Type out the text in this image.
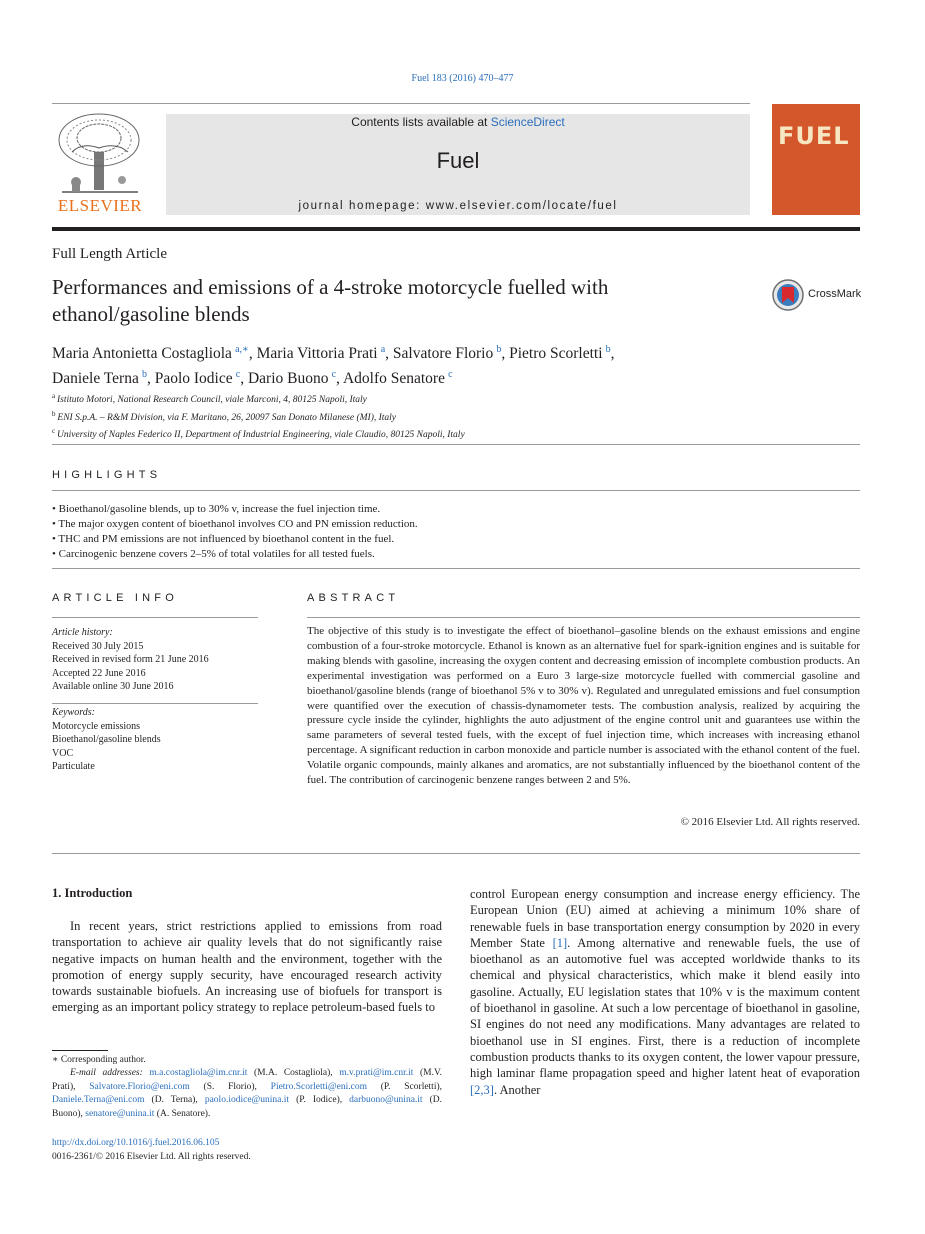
Fuel 183 (2016) 470–477
ELSEVIER
Contents lists available at ScienceDirect
Fuel
journal homepage: www.elsevier.com/locate/fuel
FUEL
Full Length Article
Performances and emissions of a 4-stroke motorcycle fuelled with ethanol/gasoline blends
CrossMark
Maria Antonietta Costagliola  $^{a,∗}$, Maria Vittoria Prati  $^a$, Salvatore Florio  $^b$, Pietro Scorletti  $^b$,
Daniele Terna  $^b$, Paolo Iodice  $^c$, Dario Buono  $^c$, Adolfo Senatore  $^c$
$^a$  Istituto Motori, National Research Council, viale Marconi, 4, 80125 Napoli, Italy
$^b$  ENI S.p.A. – R&M Division, via F. Maritano, 26, 20097 San Donato Milanese (MI), Italy
$^c$  University of Naples Federico II, Department of Industrial Engineering, viale Claudio, 80125 Napoli, Italy
HIGHLIGHTS
• Bioethanol/gasoline blends, up to 30% v, increase the fuel injection time.
• The major oxygen content of bioethanol involves CO and PN emission reduction.
• THC and PM emissions are not influenced by bioethanol content in the fuel.
• Carcinogenic benzene covers 2–5% of total volatiles for all tested fuels.
ARTICLE INFO
Article history:
Received 30 July 2015
Received in revised form 21 June 2016
Accepted 22 June 2016
Available online 30 June 2016
Keywords:
Motorcycle emissions
Bioethanol/gasoline blends
VOC
Particulate
ABSTRACT
The objective of this study is to investigate the effect of bioethanol–gasoline blends on the exhaust emissions and engine combustion of a four-stroke motorcycle. Ethanol is known as an alternative fuel for spark-ignition engines and is suitable for making blends with gasoline, increasing the oxygen content and decreasing emission of incomplete combustion products. An experimental investigation was performed on a Euro 3 large-size motorcycle fuelled with commercial gasoline and bioethanol/gasoline blends (range of bioethanol 5% v to 30% v). Regulated and unregulated emissions and fuel consumption were quantified over the execution of chassis-dynamometer tests. The combustion analysis, realized by acquiring the pressure cycle inside the cylinder, highlights the auto adjustment of the engine control unit and guarantees use within the same parameters of several tested fuels, with the except of fuel injection time, which increases with increasing ethanol percentage. A significant reduction in carbon monoxide and particle number is associated with the ethanol content of the fuel. Volatile organic compounds, mainly alkanes and aromatics, are not substantially influenced by the bioethanol content of the fuel. The contribution of carcinogenic benzene ranges between 2 and 5%.
© 2016 Elsevier Ltd. All rights reserved.
1. Introduction

In recent years, strict restrictions applied to emissions from road transportation to achieve air quality levels that do not significantly raise negative impacts on human health and the environment, together with the promotion of energy supply security, have encouraged research activity towards sustainable biofuels. An increasing use of biofuels for transport is emerging as an important policy strategy to replace petroleum-based fuels to

control European energy consumption and increase energy efficiency. The European Union (EU) aimed at achieving a minimum 10% share of renewable fuels in base transportation energy consumption by 2020 in every Member State [1]. Among alternative and renewable fuels, the use of bioethanol as an automotive fuel was accepted worldwide thanks to its chemical and physical characteristics, which make it blend easily into gasoline. Actually, EU legislation states that 10% v is the maximum content of bioethanol in gasoline. At such a low percentage of bioethanol in gasoline, SI engines do not need any modifications. Many advantages are related to bioethanol use in SI engines. First, there is a reduction of incomplete combustion products thanks to its oxygen content, the lower vapour pressure, high laminar flame propagation speed and higher latent heat of evaporation [2,3]. Another

∗ Corresponding author.
E-mail addresses: m.a.costagliola@im.cnr.it (M.A. Costagliola), m.v.prati@im.cnr.it (M.V. Prati), Salvatore.Florio@eni.com (S. Florio), Pietro.Scorletti@eni.com (P. Scorletti), Daniele.Terna@eni.com (D. Terna), paolo.iodice@unina.it (P. Iodice), darbuono@unina.it (D. Buono), senatore@unina.it (A. Senatore).
http://dx.doi.org/10.1016/j.fuel.2016.06.105
0016-2361/© 2016 Elsevier Ltd. All rights reserved.
